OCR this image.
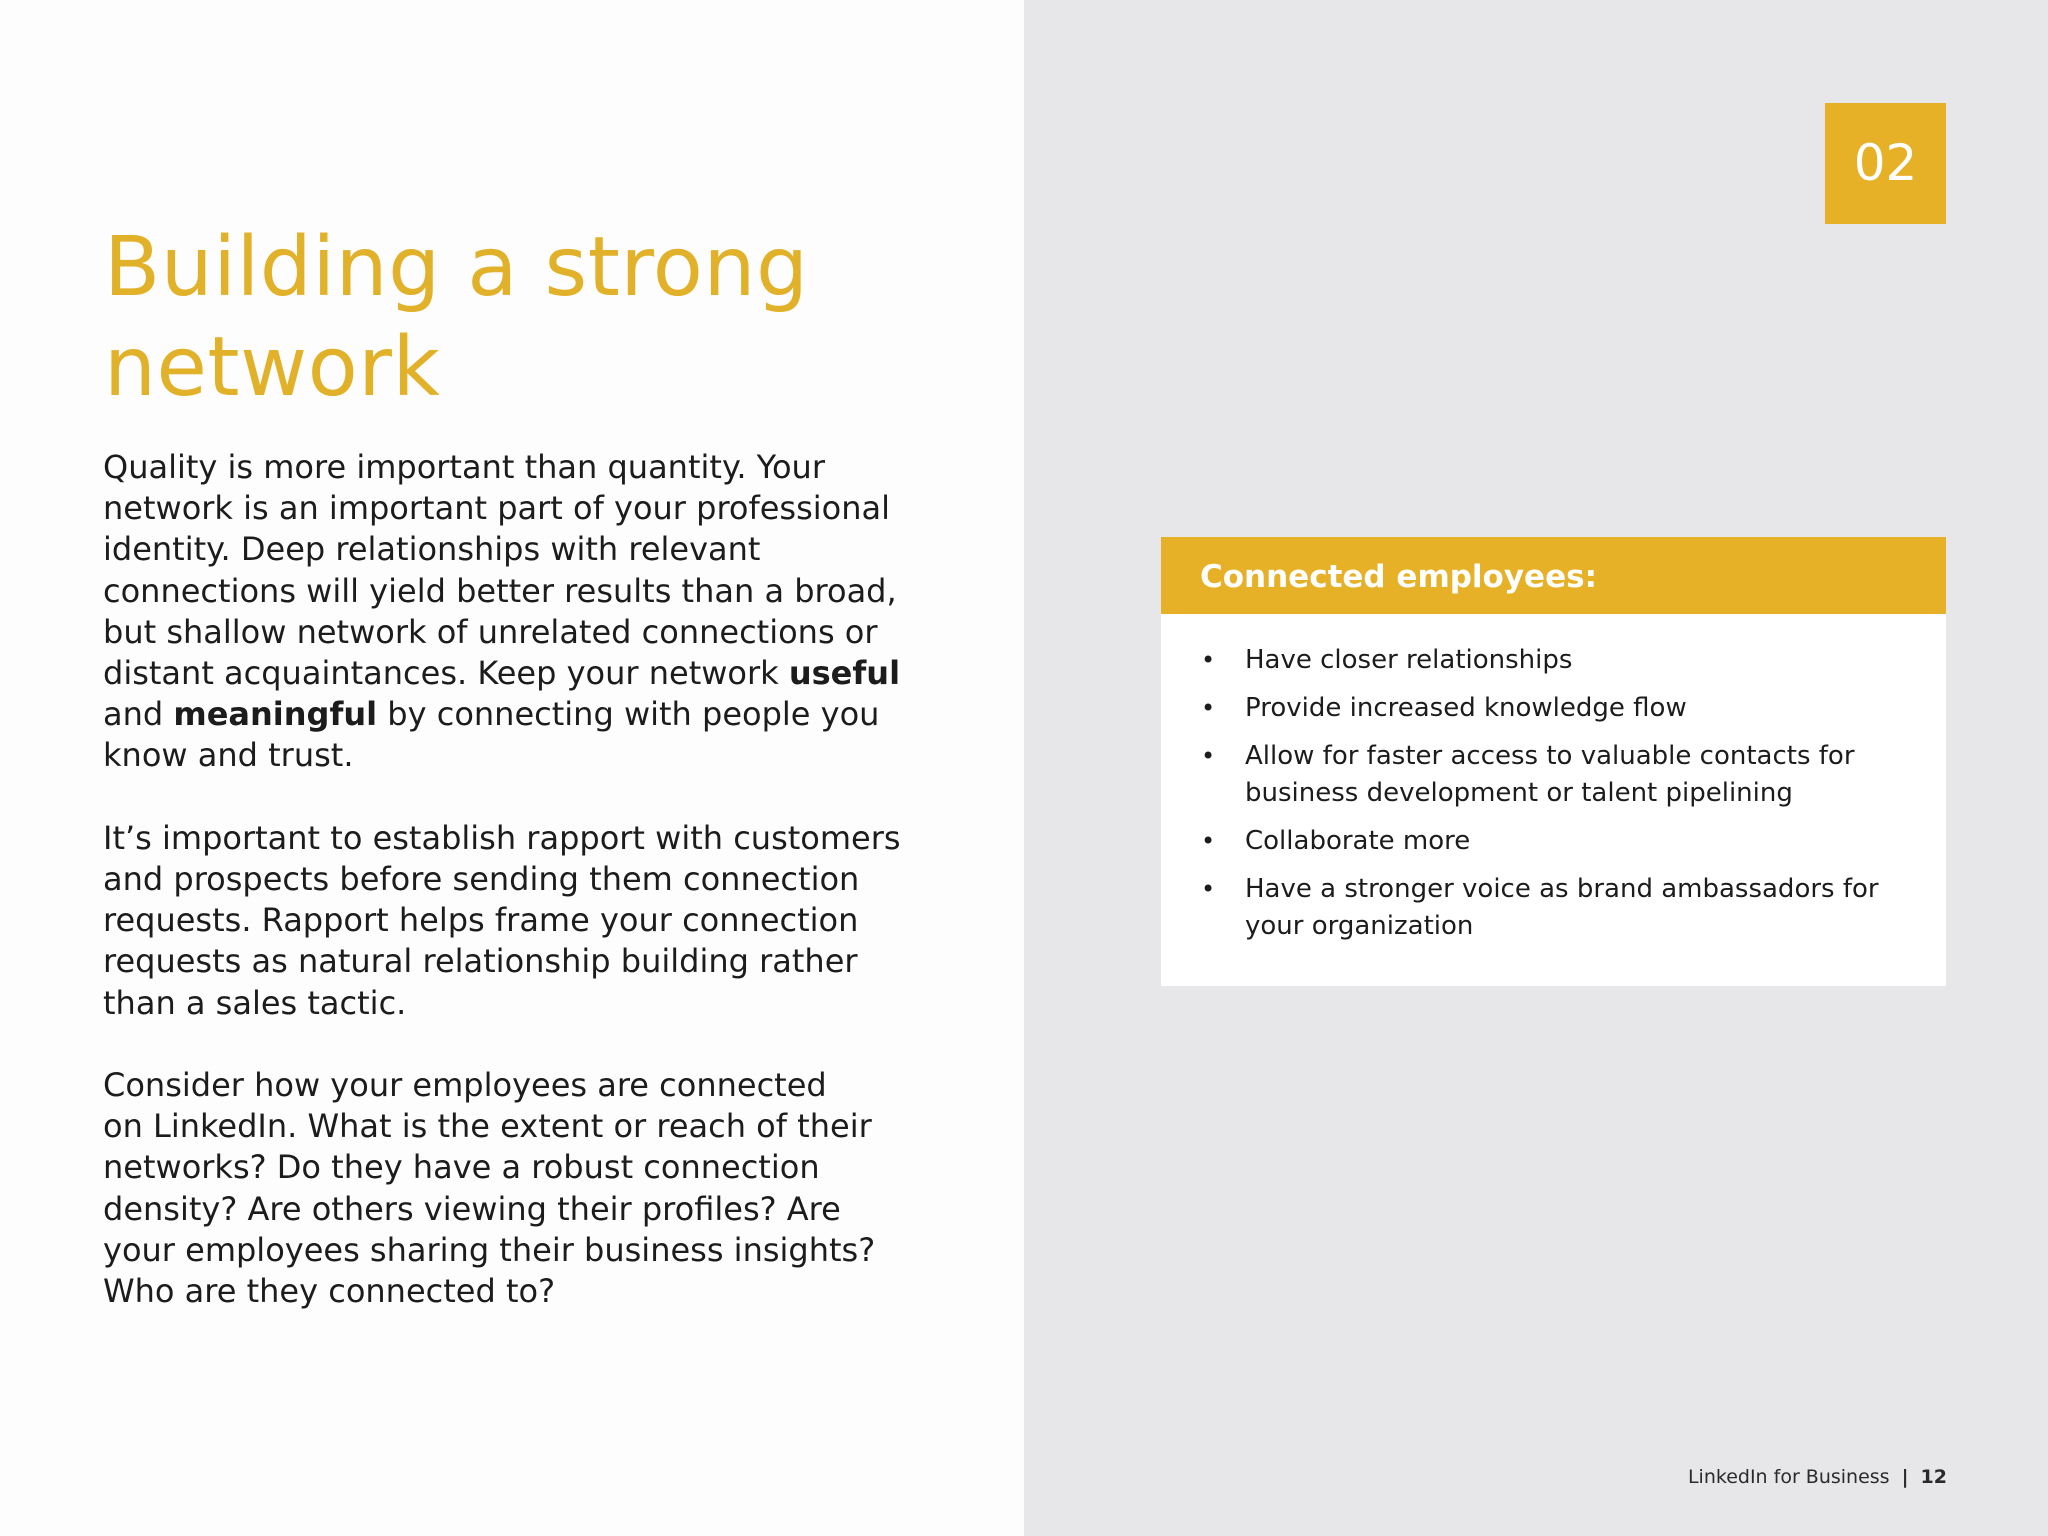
Building a strong
network

Quality is more important than quantity. Your
network is an important part of your professional
identity. Deep relationships with relevant
connections will yield better results than a broad,
but shallow network of unrelated connections or
distant acquaintances. Keep your network useful
and meaningful by connecting with people you
know and trust.

It’s important to establish rapport with customers
and prospects before sending them connection
requests. Rapport helps frame your connection
requests as natural relationship building rather
than a sales tactic.

Consider how your employees are connected
on LinkedIn. What is the extent or reach of their
networks? Do they have a robust connection
density? Are others viewing their profiles? Are
your employees sharing their business insights?
Who are they connected to?

02
Connected employees:
• Have closer relationships
• Provide increased knowledge flow
• Allow for faster access to valuable contacts for
business development or talent pipelining
• Collaborate more
• Have a stronger voice as brand ambassadors for
your organization
LinkedIn for Business | 12
